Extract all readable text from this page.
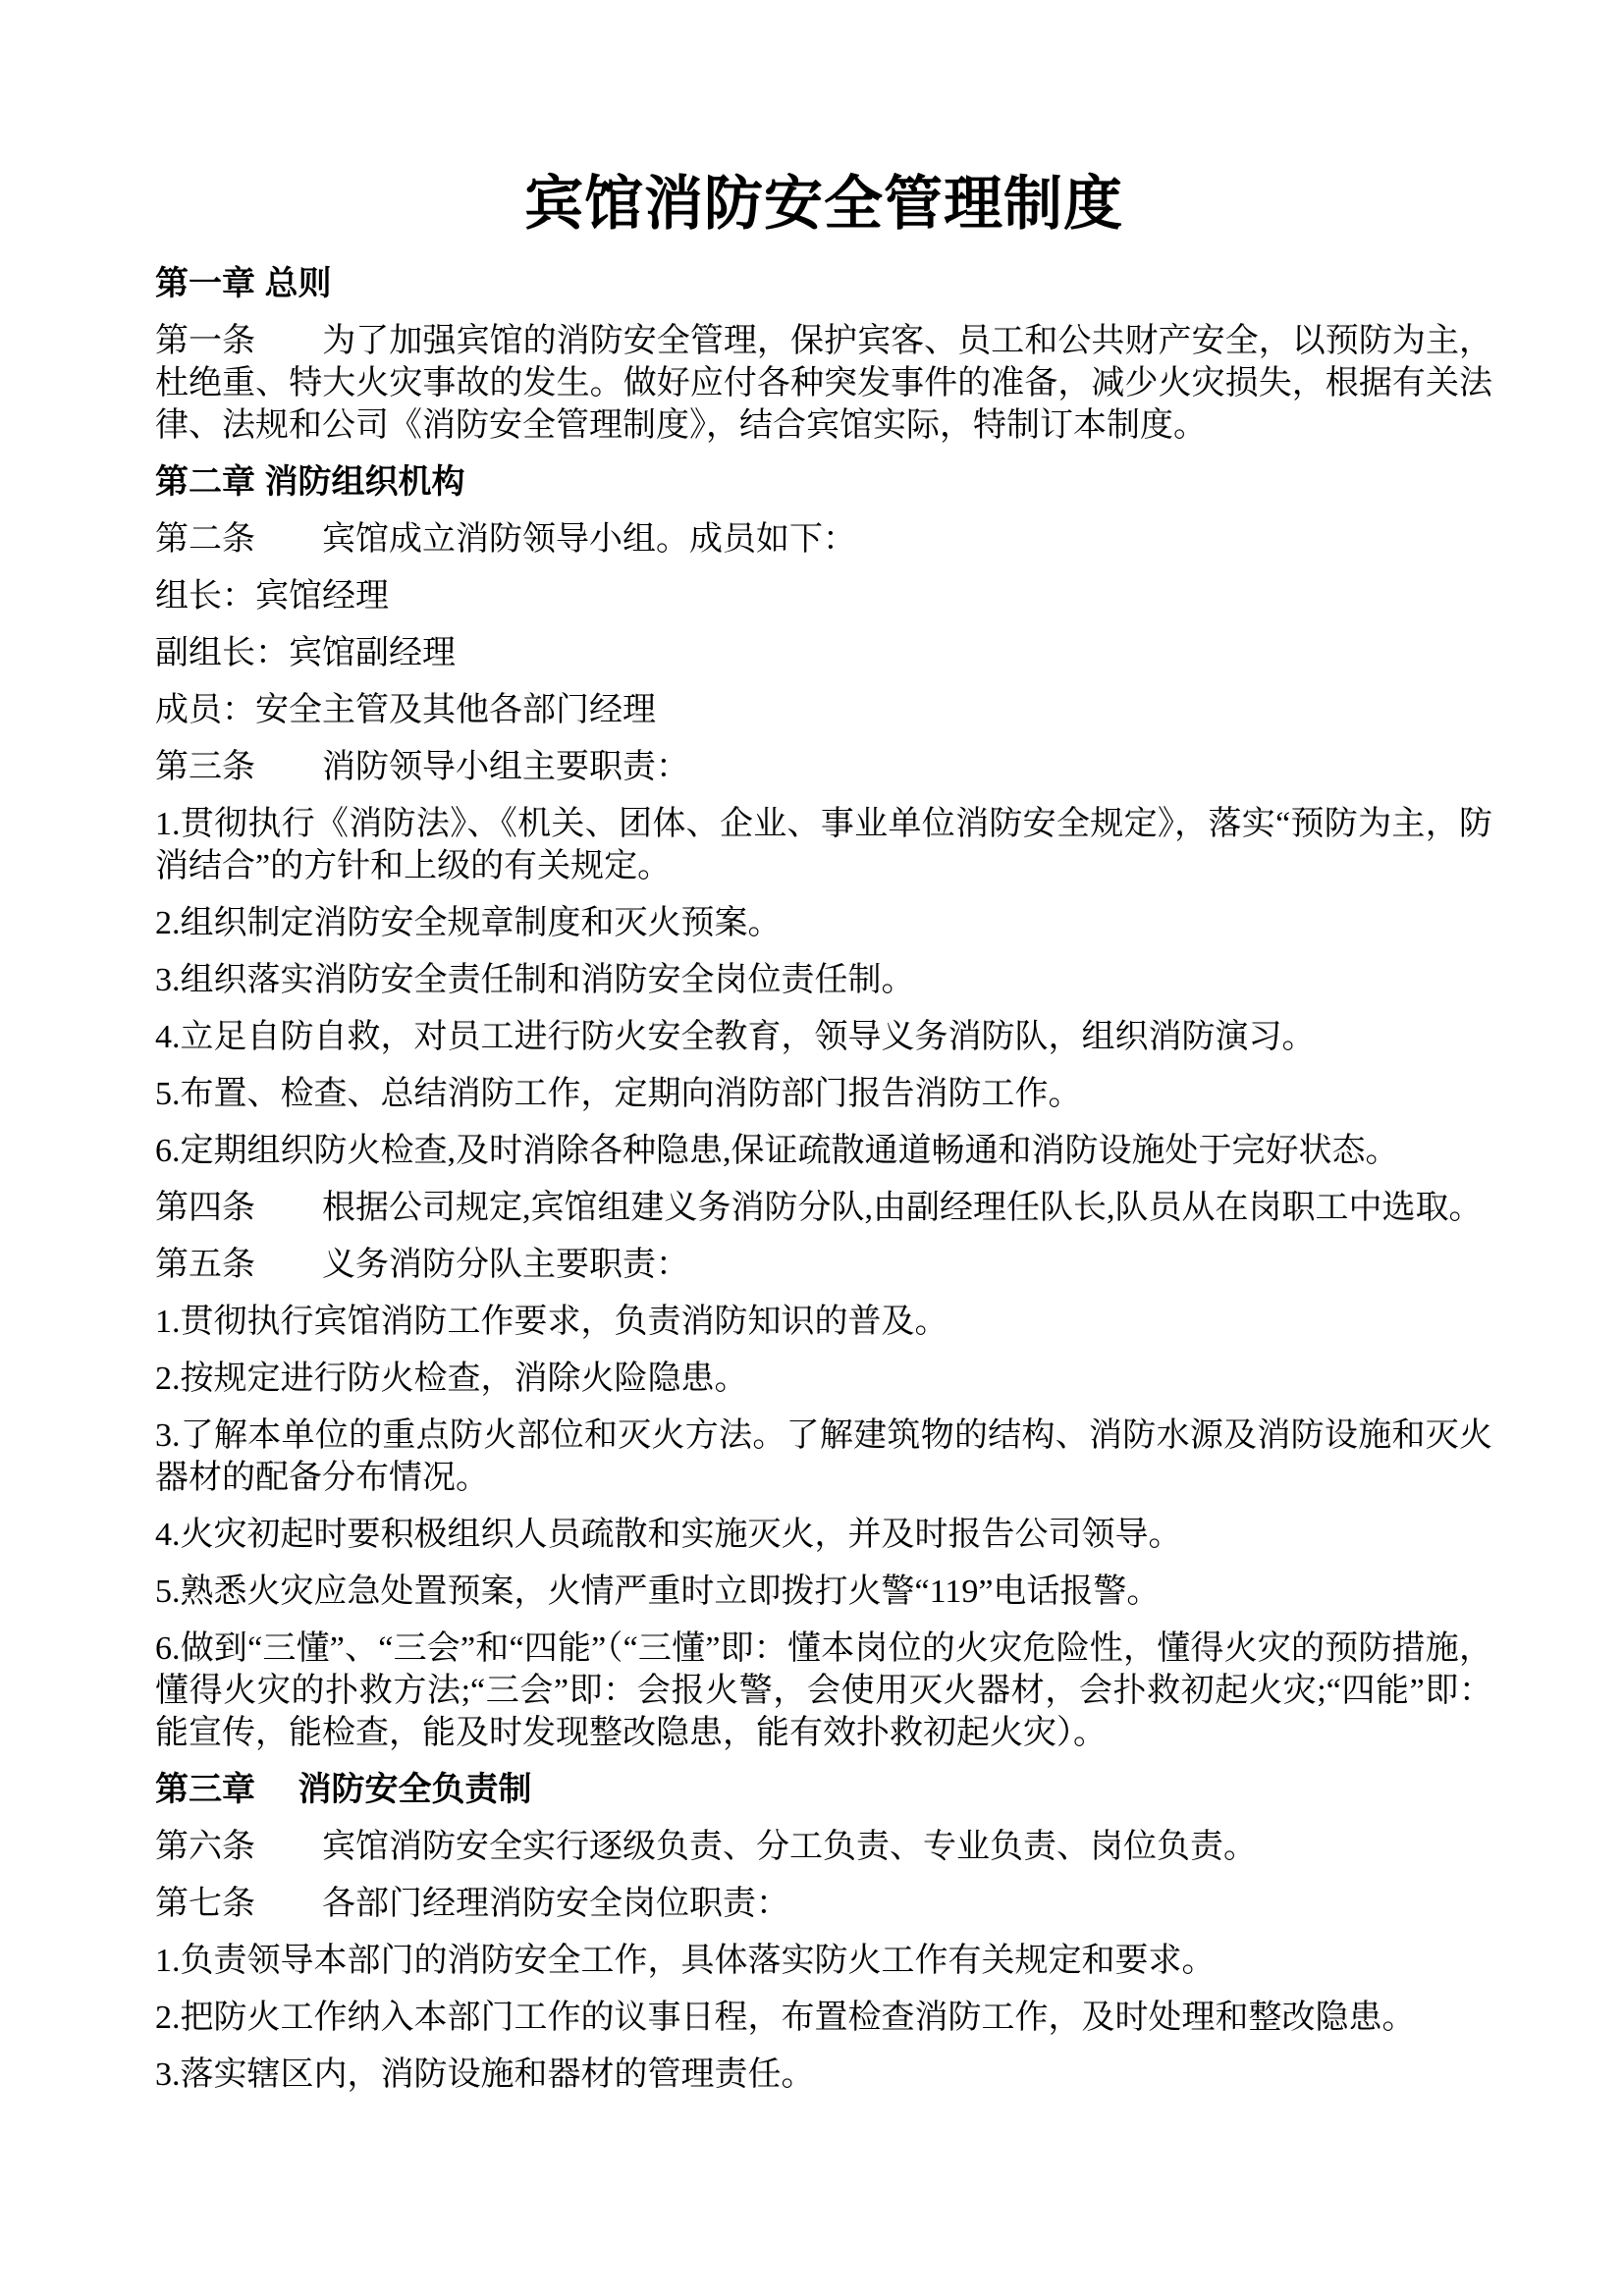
宾馆消防安全管理制度
第一章 总则

第一条　　为了加强宾馆的消防安全管理，保护宾客、员工和公共财产安全，以预防为主，杜绝重、特大火灾事故的发生。做好应付各种突发事件的准备，减少火灾损失，根据有关法律、法规和公司《消防安全管理制度》，结合宾馆实际，特制订本制度。

第二章 消防组织机构

第二条　　宾馆成立消防领导小组。成员如下：

组长：宾馆经理

副组长：宾馆副经理

成员：安全主管及其他各部门经理

第三条　　消防领导小组主要职责：

1.贯彻执行《消防法》、《机关、团体、企业、事业单位消防安全规定》，落实“预防为主，防消结合”的方针和上级的有关规定。

2.组织制定消防安全规章制度和灭火预案。

3.组织落实消防安全责任制和消防安全岗位责任制。

4.立足自防自救，对员工进行防火安全教育，领导义务消防队，组织消防演习。

5.布置、检查、总结消防工作，定期向消防部门报告消防工作。

6.定期组织防火检查,及时消除各种隐患,保证疏散通道畅通和消防设施处于完好状态。

第四条　　根据公司规定,宾馆组建义务消防分队,由副经理任队长,队员从在岗职工中选取。

第五条　　义务消防分队主要职责：

1.贯彻执行宾馆消防工作要求，负责消防知识的普及。

2.按规定进行防火检查，消除火险隐患。

3.了解本单位的重点防火部位和灭火方法。了解建筑物的结构、消防水源及消防设施和灭火器材的配备分布情况。

4.火灾初起时要积极组织人员疏散和实施灭火，并及时报告公司领导。

5.熟悉火灾应急处置预案，火情严重时立即拨打火警“119”电话报警。

6.做到“三懂”、“三会”和“四能”（“三懂”即：懂本岗位的火灾危险性，懂得火灾的预防措施，懂得火灾的扑救方法;“三会”即：会报火警，会使用灭火器材，会扑救初起火灾;“四能”即：能宣传，能检查，能及时发现整改隐患，能有效扑救初起火灾）。

第三章　 消防安全负责制

第六条　　宾馆消防安全实行逐级负责、分工负责、专业负责、岗位负责。

第七条　　各部门经理消防安全岗位职责：

1.负责领导本部门的消防安全工作，具体落实防火工作有关规定和要求。

2.把防火工作纳入本部门工作的议事日程，布置检查消防工作，及时处理和整改隐患。

3.落实辖区内，消防设施和器材的管理责任。
